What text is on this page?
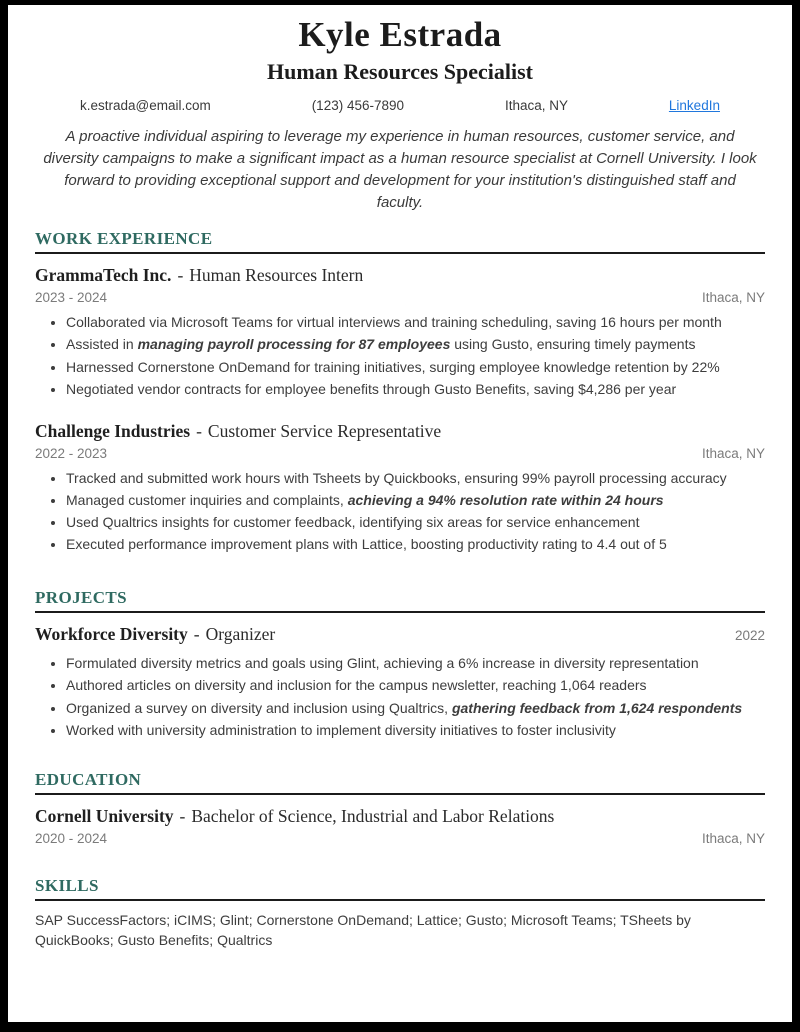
Kyle Estrada
Human Resources Specialist
k.estrada@email.com	(123) 456-7890	Ithaca, NY	LinkedIn
A proactive individual aspiring to leverage my experience in human resources, customer service, and diversity campaigns to make a significant impact as a human resource specialist at Cornell University. I look forward to providing exceptional support and development for your institution's distinguished staff and faculty.
WORK EXPERIENCE
GrammaTech Inc. - Human Resources Intern
2023 - 2024	Ithaca, NY
• Collaborated via Microsoft Teams for virtual interviews and training scheduling, saving 16 hours per month
• Assisted in managing payroll processing for 87 employees using Gusto, ensuring timely payments
• Harnessed Cornerstone OnDemand for training initiatives, surging employee knowledge retention by 22%
• Negotiated vendor contracts for employee benefits through Gusto Benefits, saving $4,286 per year
Challenge Industries - Customer Service Representative
2022 - 2023	Ithaca, NY
• Tracked and submitted work hours with Tsheets by Quickbooks, ensuring 99% payroll processing accuracy
• Managed customer inquiries and complaints, achieving a 94% resolution rate within 24 hours
• Used Qualtrics insights for customer feedback, identifying six areas for service enhancement
• Executed performance improvement plans with Lattice, boosting productivity rating to 4.4 out of 5
PROJECTS
Workforce Diversity - Organizer	2022
• Formulated diversity metrics and goals using Glint, achieving a 6% increase in diversity representation
• Authored articles on diversity and inclusion for the campus newsletter, reaching 1,064 readers
• Organized a survey on diversity and inclusion using Qualtrics, gathering feedback from 1,624 respondents
• Worked with university administration to implement diversity initiatives to foster inclusivity
EDUCATION
Cornell University - Bachelor of Science, Industrial and Labor Relations
2020 - 2024	Ithaca, NY
SKILLS
SAP SuccessFactors; iCIMS; Glint; Cornerstone OnDemand; Lattice; Gusto; Microsoft Teams; TSheets by QuickBooks; Gusto Benefits; Qualtrics
